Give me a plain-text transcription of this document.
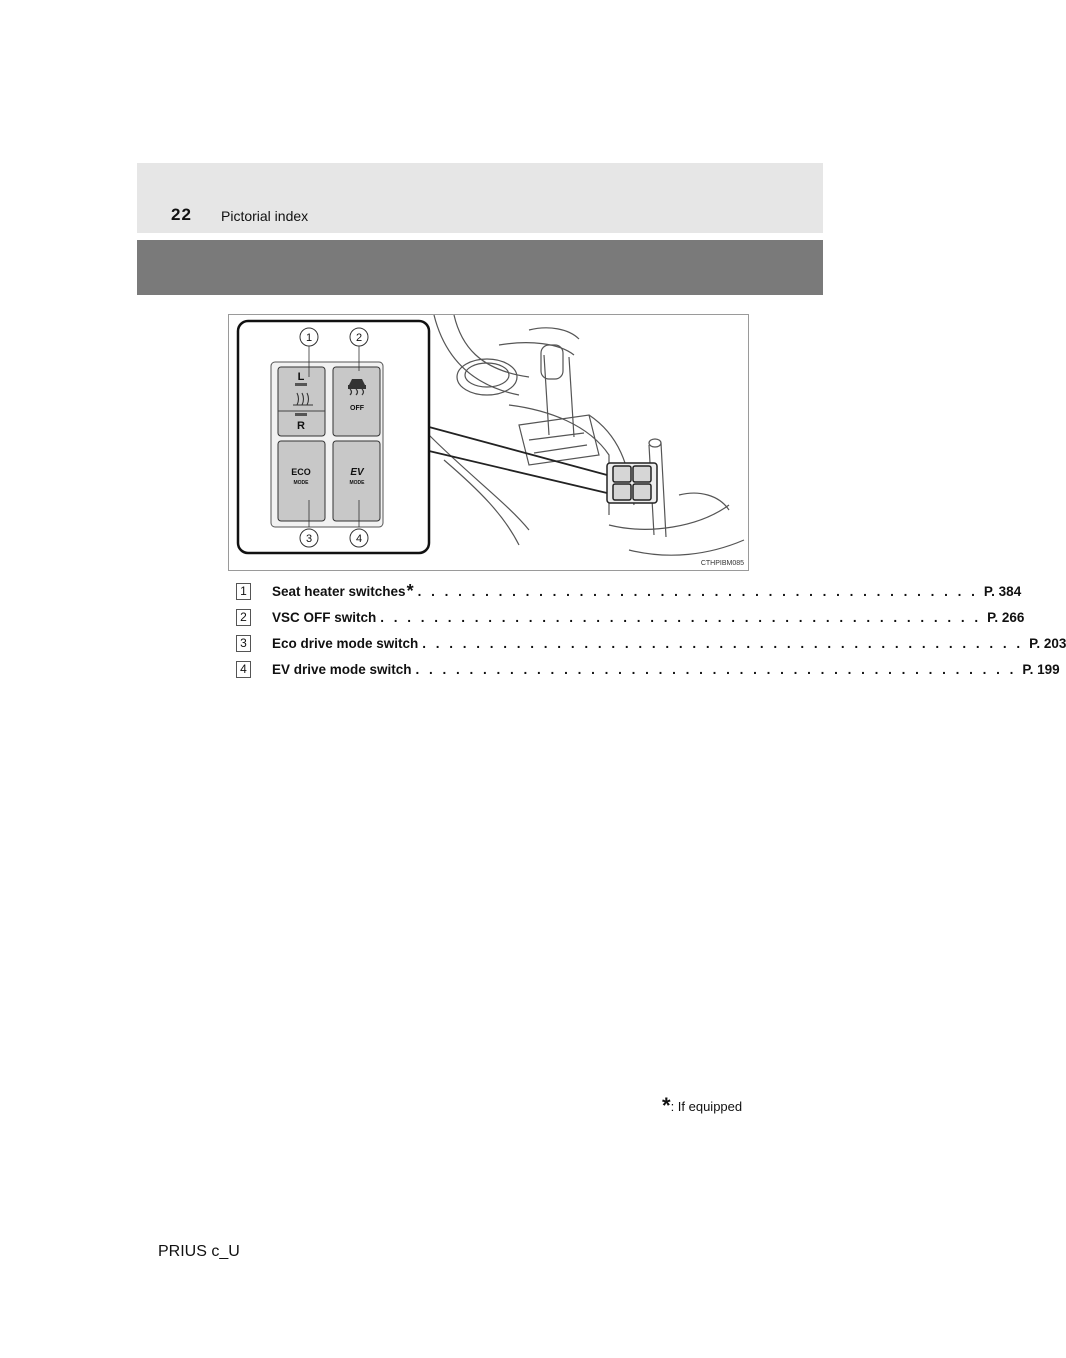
22 Pictorial index
L
R
OFF
ECO
MODE
EV
MODE
1	2
3	4
CTHPIBM085
1	Seat heater switches * . . . . . . . . . . . . . . . . . . . . . . . . . . . . . . . . . . . . . . . . . . P. 384
2	VSC OFF switch . . . . . . . . . . . . . . . . . . . . . . . . . . . . . . . . . . . . . . . . . . . . . P. 266
3	Eco drive mode switch . . . . . . . . . . . . . . . . . . . . . . . . . . . . . . . . . . . . . . . . . . . . . P. 203
4	EV drive mode switch . . . . . . . . . . . . . . . . . . . . . . . . . . . . . . . . . . . . . . . . . . . . . P. 199
*: If equipped
PRIUS c_U
